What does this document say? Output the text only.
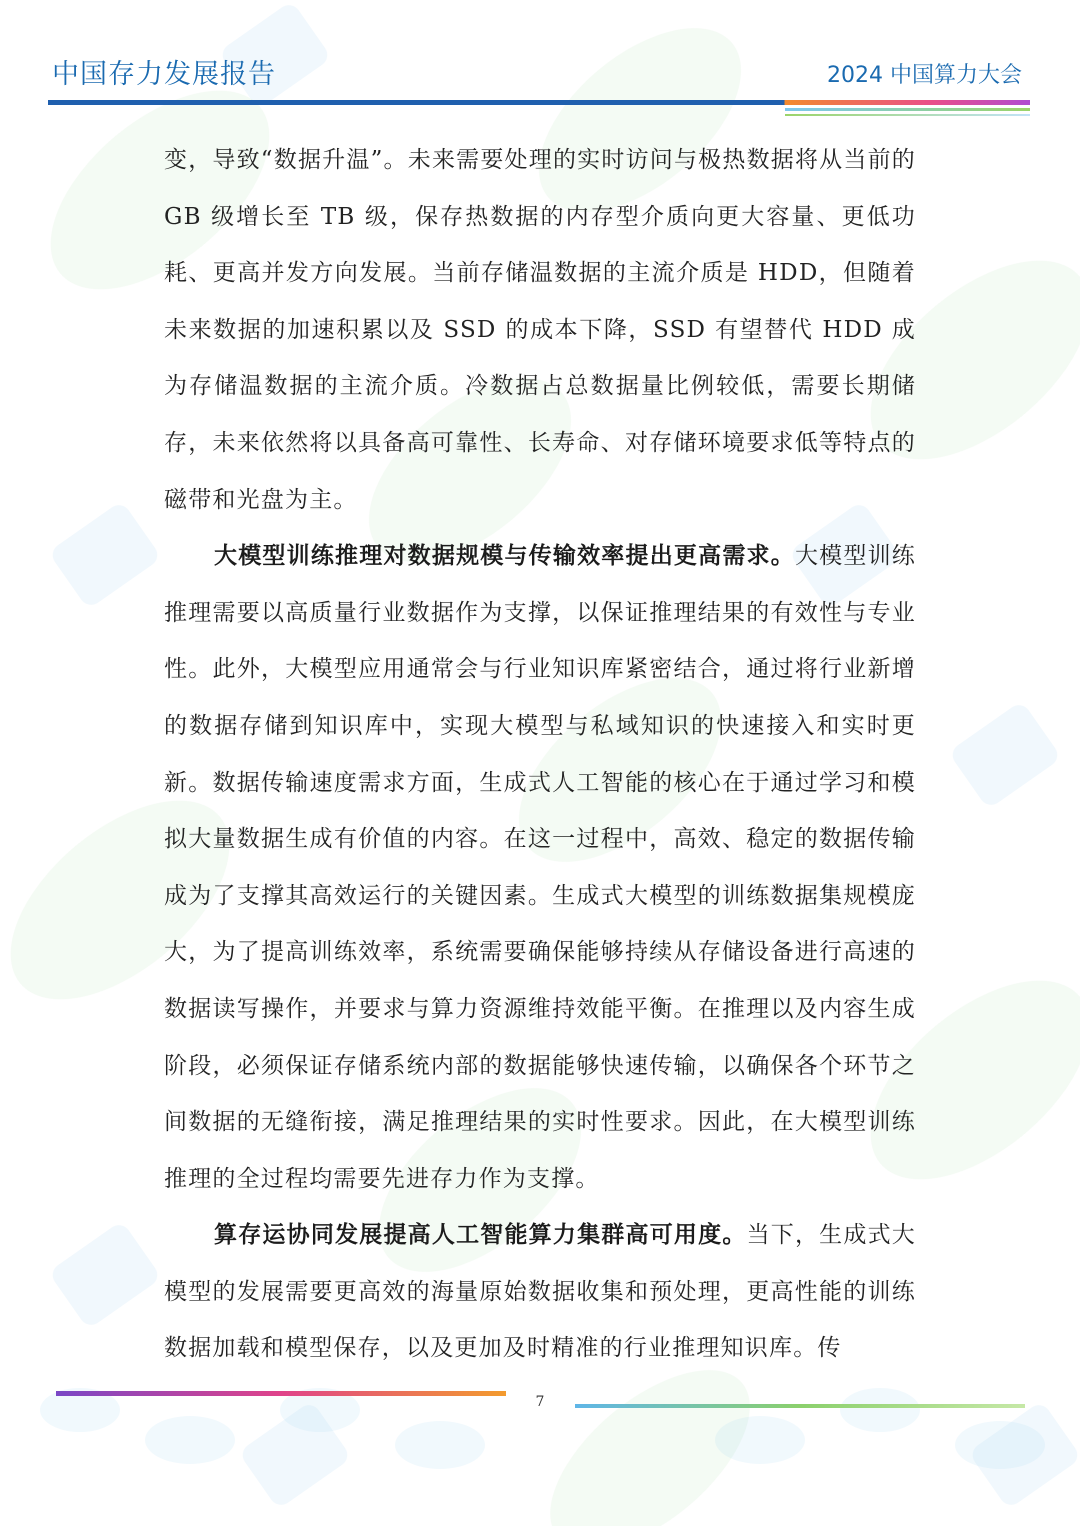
中国存力发展报告	2024 中国算力大会

变，导致“数据升温”。未来需要处理的实时访问与极热数据将从当前的 GB 级增长至 TB 级，保存热数据的内存型介质向更大容量、更低功耗、更高并发方向发展。当前存储温数据的主流介质是 HDD，但随着未来数据的加速积累以及 SSD 的成本下降，SSD 有望替代 HDD 成为存储温数据的主流介质。冷数据占总数据量比例较低，需要长期储存，未来依然将以具备高可靠性、长寿命、对存储环境要求低等特点的磁带和光盘为主。

大模型训练推理对数据规模与传输效率提出更高需求。大模型训练推理需要以高质量行业数据作为支撑，以保证推理结果的有效性与专业性。此外，大模型应用通常会与行业知识库紧密结合，通过将行业新增的数据存储到知识库中，实现大模型与私域知识的快速接入和实时更新。数据传输速度需求方面，生成式人工智能的核心在于通过学习和模拟大量数据生成有价值的内容。在这一过程中，高效、稳定的数据传输成为了支撑其高效运行的关键因素。生成式大模型的训练数据集规模庞大，为了提高训练效率，系统需要确保能够持续从存储设备进行高速的数据读写操作，并要求与算力资源维持效能平衡。在推理以及内容生成阶段，必须保证存储系统内部的数据能够快速传输，以确保各个环节之间数据的无缝衔接，满足推理结果的实时性要求。因此，在大模型训练推理的全过程均需要先进存力作为支撑。

算存运协同发展提高人工智能算力集群高可用度。当下，生成式大模型的发展需要更高效的海量原始数据收集和预处理，更高性能的训练数据加载和模型保存，以及更加及时精准的行业推理知识库。传

7
